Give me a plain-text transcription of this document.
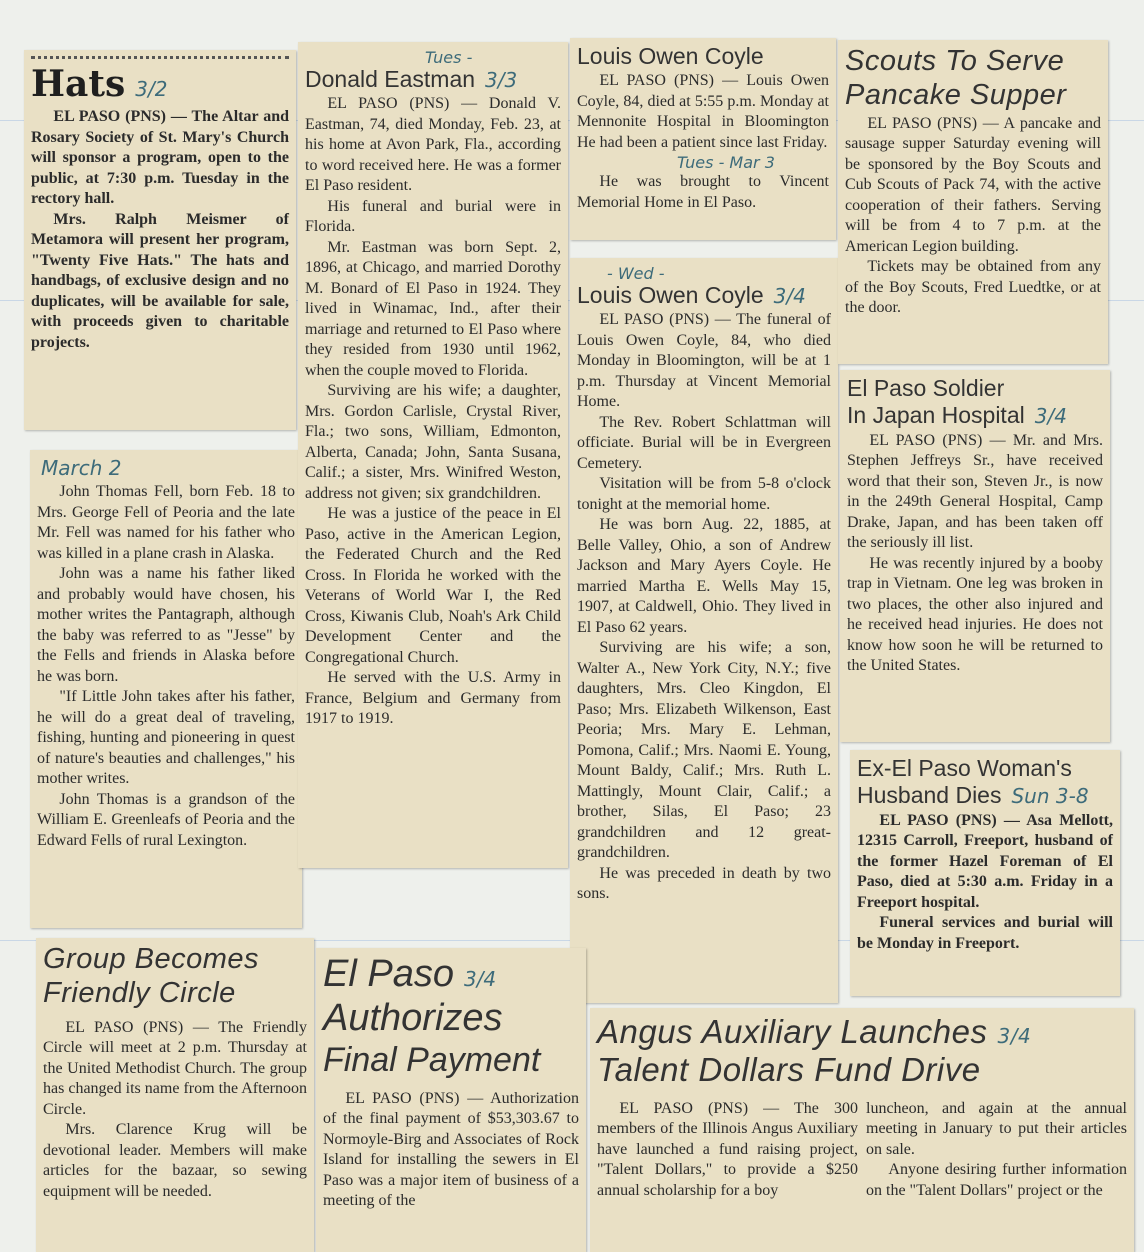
Hats 3/2

EL PASO (PNS) — The Altar and Rosary Society of St. Mary's Church will sponsor a program, open to the public, at 7:30 p.m. Tuesday in the rectory hall.

Mrs. Ralph Meismer of Metamora will present her program, "Twenty Five Hats." The hats and handbags, of exclusive design and no duplicates, will be available for sale, with proceeds given to charitable projects.

March 2

John Thomas Fell, born Feb. 18 to Mrs. George Fell of Peoria and the late Mr. Fell was named for his father who was killed in a plane crash in Alaska.

John was a name his father liked and probably would have chosen, his mother writes the Pantagraph, although the baby was referred to as "Jesse" by the Fells and friends in Alaska before he was born.

"If Little John takes after his father, he will do a great deal of traveling, fishing, hunting and pioneering in quest of nature's beauties and challenges," his mother writes.

John Thomas is a grandson of the William E. Greenleafs of Peoria and the Edward Fells of rural Lexington.

Tues -
Donald Eastman 3/3

EL PASO (PNS) — Donald V. Eastman, 74, died Monday, Feb. 23, at his home at Avon Park, Fla., according to word received here. He was a former El Paso resident.

His funeral and burial were in Florida.

Mr. Eastman was born Sept. 2, 1896, at Chicago, and married Dorothy M. Bonard of El Paso in 1924. They lived in Winamac, Ind., after their marriage and returned to El Paso where they resided from 1930 until 1962, when the couple moved to Florida.

Surviving are his wife; a daughter, Mrs. Gordon Carlisle, Crystal River, Fla.; two sons, William, Edmonton, Alberta, Canada; John, Santa Susana, Calif.; a sister, Mrs. Winifred Weston, address not given; six grandchildren.

He was a justice of the peace in El Paso, active in the American Legion, the Federated Church and the Red Cross. In Florida he worked with the Veterans of World War I, the Red Cross, Kiwanis Club, Noah's Ark Child Development Center and the Congregational Church.

He served with the U.S. Army in France, Belgium and Germany from 1917 to 1919.

Louis Owen Coyle

EL PASO (PNS) — Louis Owen Coyle, 84, died at 5:55 p.m. Monday at Mennonite Hospital in Bloomington He had been a patient since last Friday.

Tues - Mar 3

He was brought to Vincent Memorial Home in El Paso.

- Wed -
Louis Owen Coyle 3/4

EL PASO (PNS) — The funeral of Louis Owen Coyle, 84, who died Monday in Bloomington, will be at 1 p.m. Thursday at Vincent Memorial Home.

The Rev. Robert Schlattman will officiate. Burial will be in Evergreen Cemetery.

Visitation will be from 5-8 o'clock tonight at the memorial home.

He was born Aug. 22, 1885, at Belle Valley, Ohio, a son of Andrew Jackson and Mary Ayers Coyle. He married Martha E. Wells May 15, 1907, at Caldwell, Ohio. They lived in El Paso 62 years.

Surviving are his wife; a son, Walter A., New York City, N.Y.; five daughters, Mrs. Cleo Kingdon, El Paso; Mrs. Elizabeth Wilkenson, East Peoria; Mrs. Mary E. Lehman, Pomona, Calif.; Mrs. Naomi E. Young, Mount Baldy, Calif.; Mrs. Ruth L. Mattingly, Mount Clair, Calif.; a brother, Silas, El Paso; 23 grandchildren and 12 great-grandchildren.

He was preceded in death by two sons.

Scouts To Serve
Pancake Supper

EL PASO (PNS) — A pancake and sausage supper Saturday evening will be sponsored by the Boy Scouts and Cub Scouts of Pack 74, with the active cooperation of their fathers. Serving will be from 4 to 7 p.m. at the American Legion building.

Tickets may be obtained from any of the Boy Scouts, Fred Luedtke, or at the door.

El Paso Soldier
In Japan Hospital 3/4

EL PASO (PNS) — Mr. and Mrs. Stephen Jeffreys Sr., have received word that their son, Steven Jr., is now in the 249th General Hospital, Camp Drake, Japan, and has been taken off the seriously ill list.

He was recently injured by a booby trap in Vietnam. One leg was broken in two places, the other also injured and he received head injuries. He does not know how soon he will be returned to the United States.

Ex-El Paso Woman's
Husband Dies Sun 3-8

EL PASO (PNS) — Asa Mellott, 12315 Carroll, Freeport, husband of the former Hazel Foreman of El Paso, died at 5:30 a.m. Friday in a Freeport hospital.

Funeral services and burial will be Monday in Freeport.

Group Becomes
Friendly Circle

EL PASO (PNS) — The Friendly Circle will meet at 2 p.m. Thursday at the United Methodist Church. The group has changed its name from the Afternoon Circle.

Mrs. Clarence Krug will be devotional leader. Members will make articles for the bazaar, so sewing equipment will be needed.

El Paso 3/4
Authorizes
Final Payment

EL PASO (PNS) — Authorization of the final payment of $53,303.67 to Normoyle-Birg and Associates of Rock Island for installing the sewers in El Paso was a major item of business of a meeting of the

Angus Auxiliary Launches 3/4
Talent Dollars Fund Drive

EL PASO (PNS) — The 300 members of the Illinois Angus Auxiliary have launched a fund raising project, "Talent Dollars," to provide a $250 annual scholarship for a boy

luncheon, and again at the annual meeting in January to put their articles on sale.

Anyone desiring further information on the "Talent Dollars" project or the
